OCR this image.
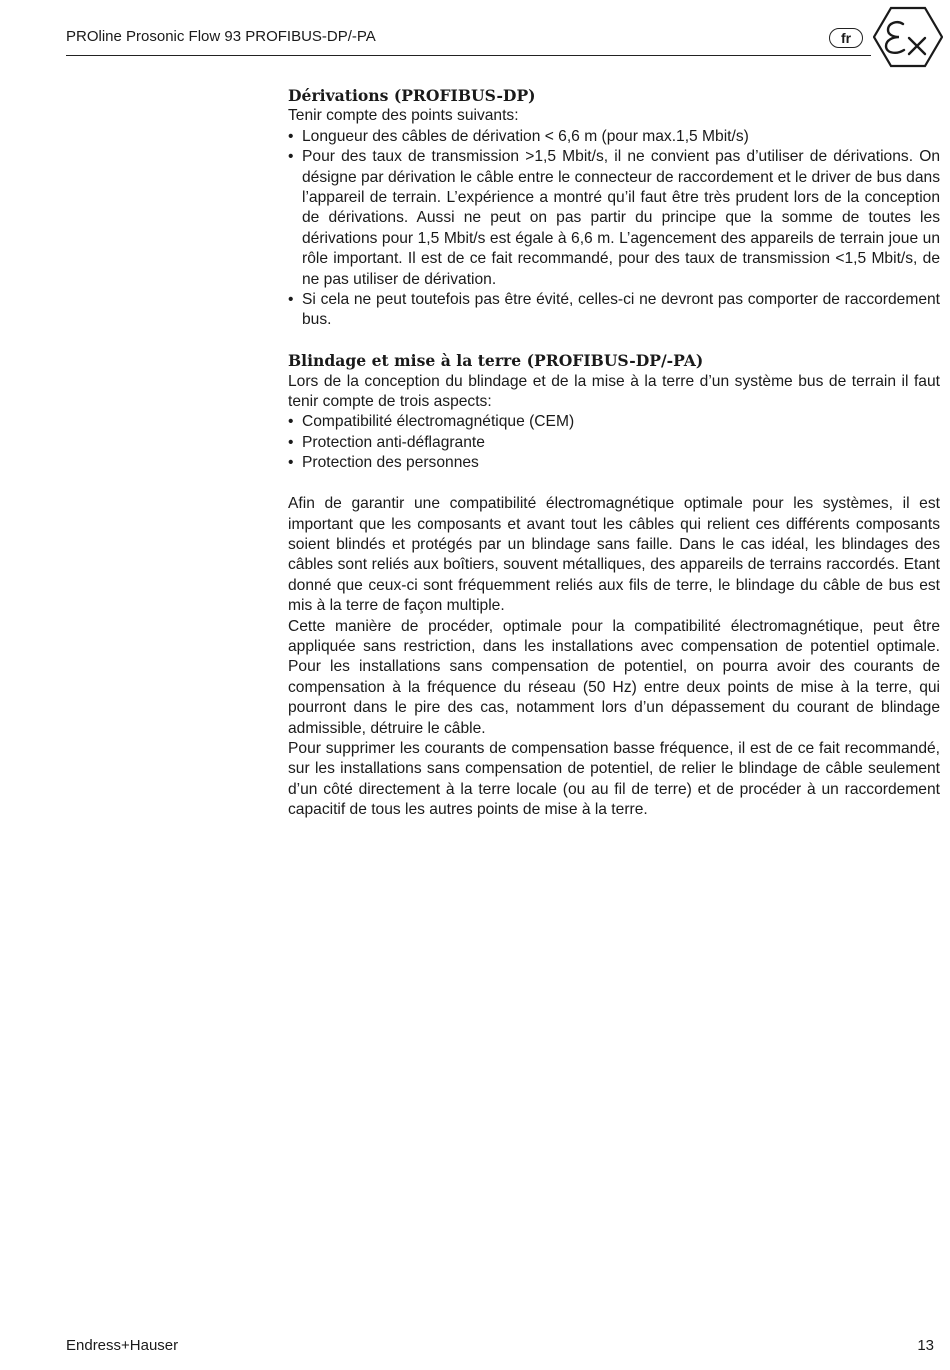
PROline Prosonic Flow 93 PROFIBUS-DP/-PA	fr
Dérivations (PROFIBUS-DP)

Tenir compte des points suivants:

• Longueur des câbles de dérivation < 6,6 m (pour max.1,5 Mbit/s)
• Pour des taux de transmission >1,5 Mbit/s, il ne convient pas d’utiliser de dérivations. On désigne par dérivation le câble entre le connecteur de raccordement et le driver de bus dans l’appareil de terrain. L’expérience a montré qu’il faut être très prudent lors de la conception de dérivations. Aussi ne peut on pas partir du principe que la somme de toutes les dérivations pour 1,5 Mbit/s est égale à 6,6 m. L’agencement des appareils de terrain joue un rôle important. Il est de ce fait recommandé, pour des taux de transmission <1,5 Mbit/s, de ne pas utiliser de dérivation.
• Si cela ne peut toutefois pas être évité, celles-ci ne devront pas comporter de raccordement bus.
Blindage et mise à la terre (PROFIBUS-DP/-PA)

Lors de la conception du blindage et de la mise à la terre d’un système bus de terrain il faut tenir compte de trois aspects:

• Compatibilité électromagnétique (CEM)
• Protection anti-déflagrante
• Protection des personnes

Afin de garantir une compatibilité électromagnétique optimale pour les systèmes, il est important que les composants et avant tout les câbles qui relient ces différents composants soient blindés et protégés par un blindage sans faille. Dans le cas idéal, les blindages des câbles sont reliés aux boîtiers, souvent métalliques, des appareils de terrains raccordés. Etant donné que ceux-ci sont fréquemment reliés aux fils de terre, le blindage du câble de bus est mis à la terre de façon multiple.

Cette manière de procéder, optimale pour la compatibilité électromagnétique, peut être appliquée sans restriction, dans les installations avec compensation de potentiel optimale. Pour les installations sans compensation de potentiel, on pourra avoir des courants de compensation à la fréquence du réseau (50 Hz) entre deux points de mise à la terre, qui pourront dans le pire des cas, notamment lors d’un dépassement du courant de blindage admissible, détruire le câble.

Pour supprimer les courants de compensation basse fréquence, il est de ce fait recommandé, sur les installations sans compensation de potentiel, de relier le blindage de câble seulement d’un côté directement à la terre locale (ou au fil de terre) et de procéder à un raccordement capacitif de tous les autres points de mise à la terre.

Endress+Hauser	13
